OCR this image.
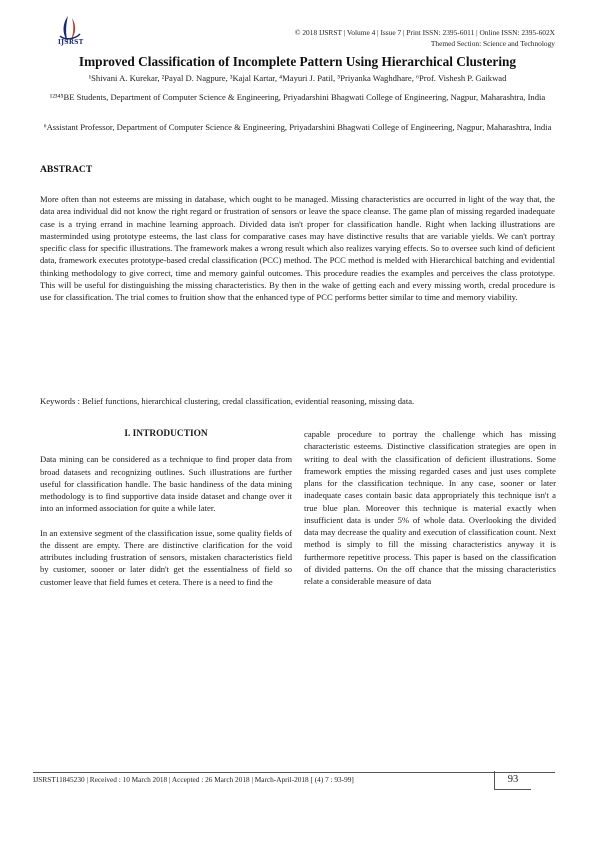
IJSRST
© 2018 IJSRST | Volume 4 | Issue 7 | Print ISSN: 2395-6011 | Online ISSN: 2395-602X
Themed Section: Science and Technology
Improved Classification of Incomplete Pattern Using Hierarchical Clustering
¹Shivani A. Kurekar, ²Payal D. Nagpure, ³Kajal Kartar, ⁴Mayuri J. Patil, ⁵Priyanka Waghdhare, ⁶Prof. Vishesh P. Gaikwad
¹²³⁴⁵BE Students, Department of Computer Science & Engineering, Priyadarshini Bhagwati College of Engineering, Nagpur, Maharashtra, India
⁶Assistant Professor, Department of Computer Science & Engineering, Priyadarshini Bhagwati College of Engineering, Nagpur, Maharashtra, India
ABSTRACT

More often than not esteems are missing in database, which ought to be managed. Missing characteristics are occurred in light of the way that, the data area individual did not know the right regard or frustration of sensors or leave the space cleanse. The game plan of missing regarded inadequate case is a trying errand in machine learning approach. Divided data isn't proper for classification handle. Right when lacking illustrations are masterminded using prototype esteems, the last class for comparative cases may have distinctive results that are variable yields. We can't portray specific class for specific illustrations. The framework makes a wrong result which also realizes varying effects. So to oversee such kind of deficient data, framework executes prototype-based credal classification (PCC) method. The PCC method is melded with Hierarchical batching and evidential thinking methodology to give correct, time and memory gainful outcomes. This procedure readies the examples and perceives the class prototype. This will be useful for distinguishing the missing characteristics. By then in the wake of getting each and every missing worth, credal procedure is use for classification. The trial comes to fruition show that the enhanced type of PCC performs better similar to time and memory viability.

Keywords : Belief functions, hierarchical clustering, credal classification, evidential reasoning, missing data.

I. INTRODUCTION

Data mining can be considered as a technique to find proper data from broad datasets and recognizing outlines. Such illustrations are further useful for classification handle. The basic handiness of the data mining methodology is to find supportive data inside dataset and change over it into an informed association for quite a while later.

In an extensive segment of the classification issue, some quality fields of the dissent are empty. There are distinctive clarification for the void attributes including frustration of sensors, mistaken characteristics field by customer, sooner or later didn't get the essentialness of field so customer leave that field fumes et cetera. There is a need to find the

capable procedure to portray the challenge which has missing characteristic esteems. Distinctive classification strategies are open in writing to deal with the classification of deficient illustrations. Some framework empties the missing regarded cases and just uses complete plans for the classification technique. In any case, sooner or later inadequate cases contain basic data appropriately this technique isn't a true blue plan. Moreover this technique is material exactly when insufficient data is under 5% of whole data. Overlooking the divided data may decrease the quality and execution of classification count. Next method is simply to fill the missing characteristics anyway it is furthermore repetitive process. This paper is based on the classification of divided patterns. On the off chance that the missing characteristics relate a considerable measure of data

IJSRST11845230 | Received : 10 March 2018 | Accepted : 26 March 2018 | March-April-2018 [ (4) 7 : 93-99]	93
